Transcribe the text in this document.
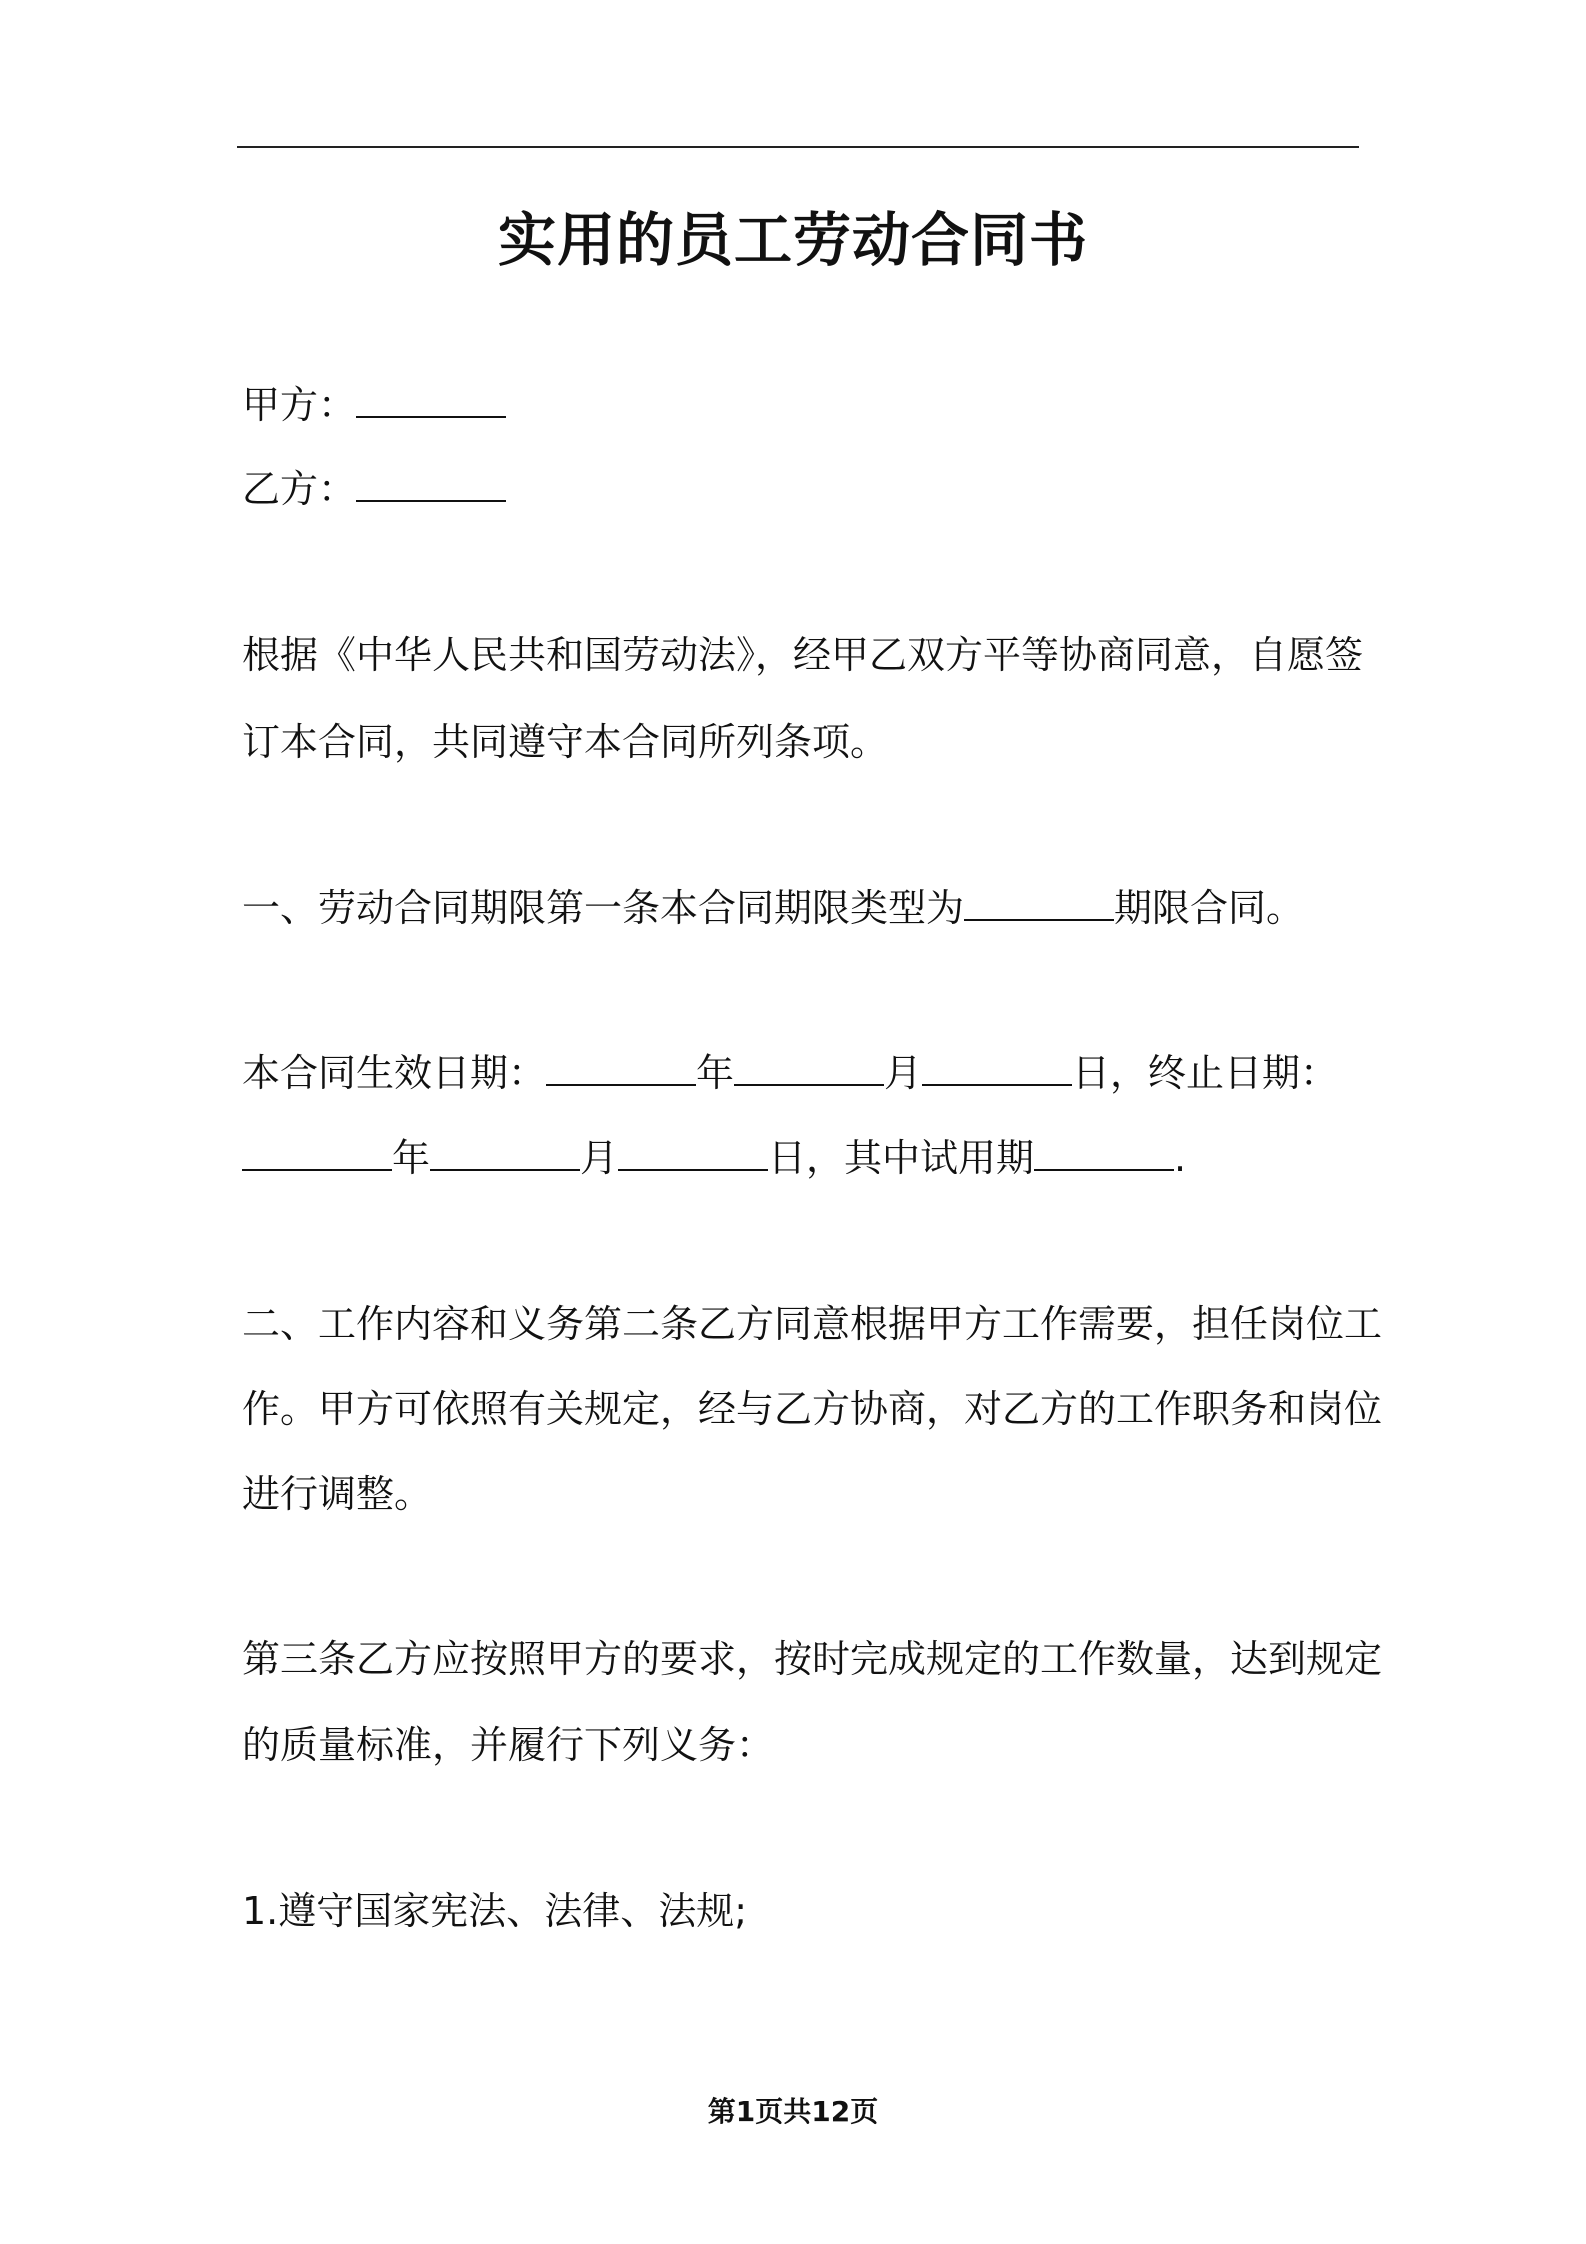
实用的员工劳动合同书
甲方：
乙方：
根据《中华人民共和国劳动法》，经甲乙双方平等协商同意，自愿签
订本合同，共同遵守本合同所列条项。
一、劳动合同期限第一条本合同期限类型为	期限合同。
本合同生效日期：	年	月	日，终止日期：
年	月	日，其中试用期	.
二、工作内容和义务第二条乙方同意根据甲方工作需要，担任岗位工
作。甲方可依照有关规定，经与乙方协商，对乙方的工作职务和岗位
进行调整。
第三条乙方应按照甲方的要求，按时完成规定的工作数量，达到规定
的质量标准，并履行下列义务：
1.遵守国家宪法、法律、法规;
第1页共12页
